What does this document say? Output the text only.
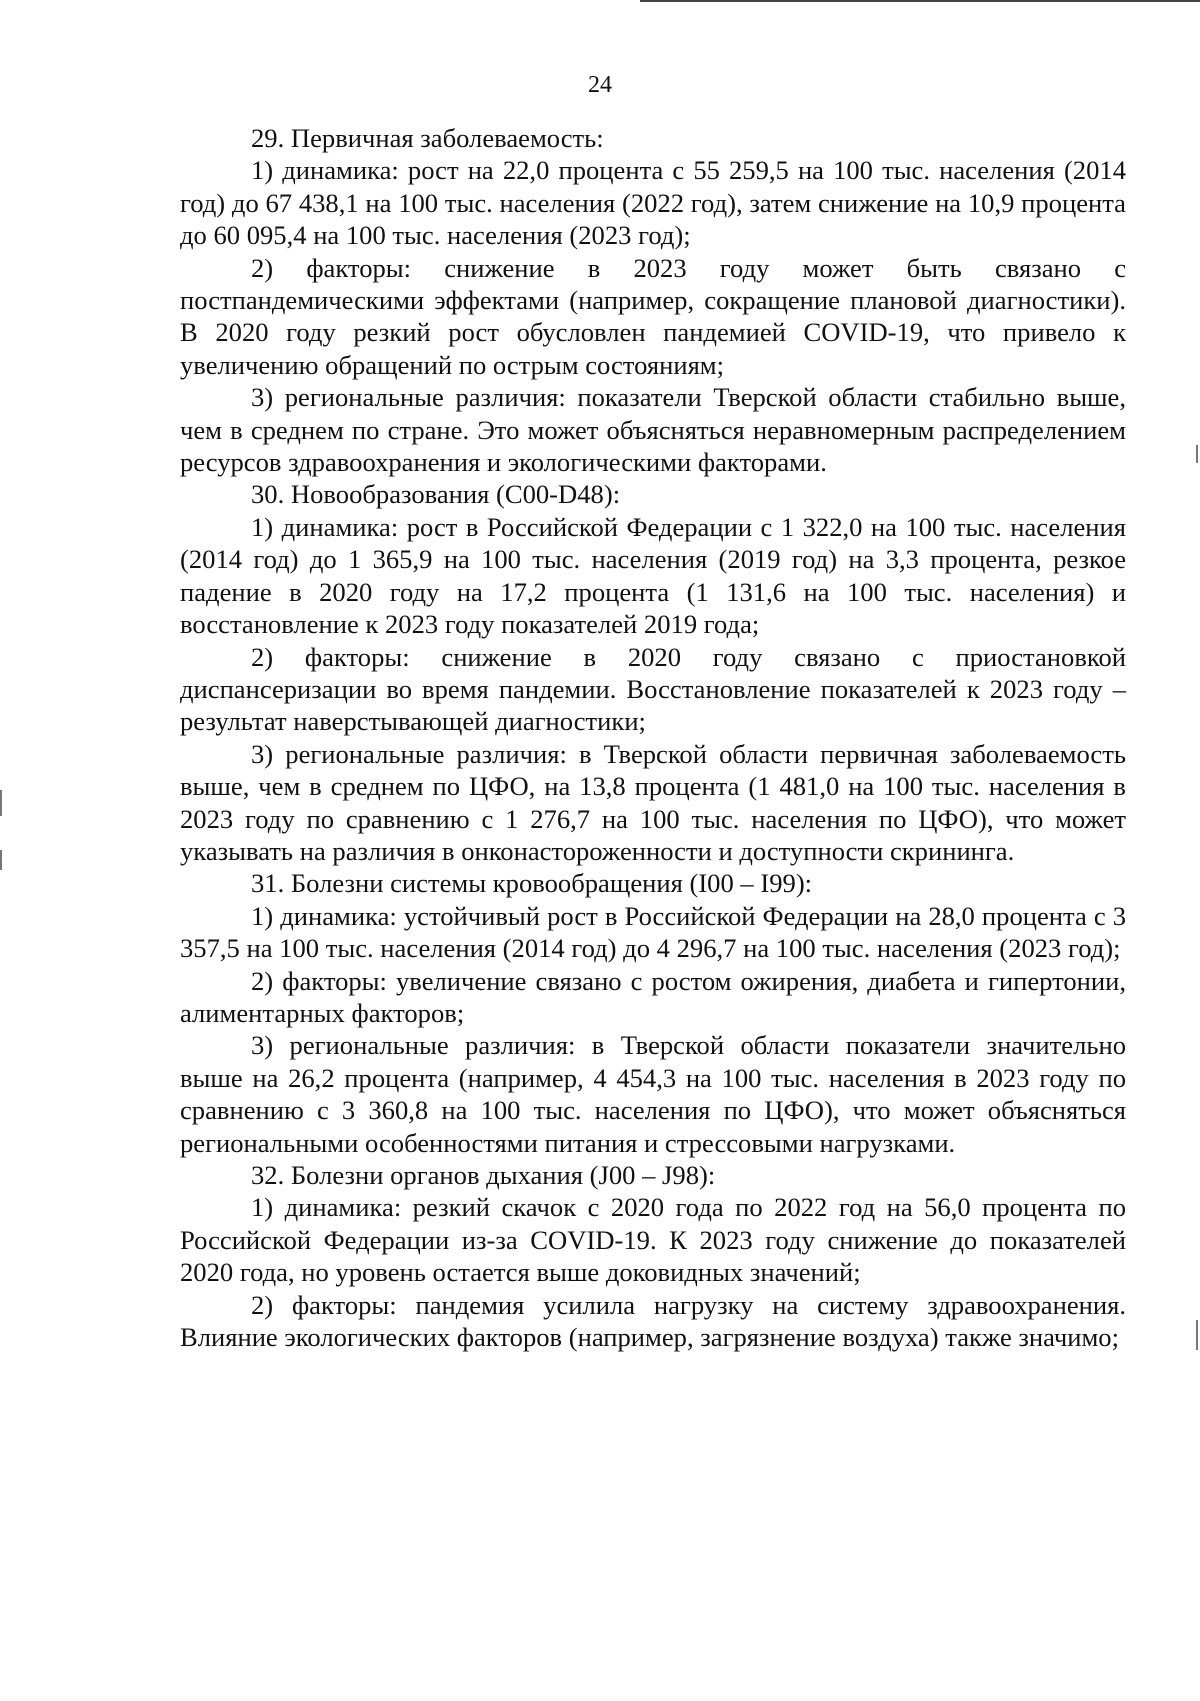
24

29. Первичная заболеваемость:

1) динамика: рост на 22,0 процента с 55 259,5 на 100 тыс. населения (2014 год) до 67 438,1 на 100 тыс. населения (2022 год), затем снижение на 10,9 процента до 60 095,4 на 100 тыс. населения (2023 год);

2) факторы: снижение в 2023 году может быть связано с постпандемическими эффектами (например, сокращение плановой диагностики). В 2020 году резкий рост обусловлен пандемией COVID-19, что привело к увеличению обращений по острым состояниям;

3) региональные различия: показатели Тверской области стабильно выше, чем в среднем по стране. Это может объясняться неравномерным распределением ресурсов здравоохранения и экологическими факторами.

30. Новообразования (С00-D48):

1) динамика: рост в Российской Федерации с 1 322,0 на 100 тыс. населения (2014 год) до 1 365,9 на 100 тыс. населения (2019 год) на 3,3 процента, резкое падение в 2020 году на 17,2 процента (1 131,6 на 100 тыс. населения) и восстановление к 2023 году показателей 2019 года;

2) факторы: снижение в 2020 году связано с приостановкой диспансеризации во время пандемии. Восстановление показателей к 2023 году – результат наверстывающей диагностики;

3) региональные различия: в Тверской области первичная заболеваемость выше, чем в среднем по ЦФО, на 13,8 процента (1 481,0 на 100 тыс. населения в 2023 году по сравнению с 1 276,7 на 100 тыс. населения по ЦФО), что может указывать на различия в онконастороженности и доступности скрининга.

31. Болезни системы кровообращения (I00 – I99):

1) динамика: устойчивый рост в Российской Федерации на 28,0 процента с 3 357,5 на 100 тыс. населения (2014 год) до 4 296,7 на 100 тыс. населения (2023 год);

2) факторы: увеличение связано с ростом ожирения, диабета и гипертонии, алиментарных факторов;

3) региональные различия: в Тверской области показатели значительно выше на 26,2 процента (например, 4 454,3 на 100 тыс. населения в 2023 году по сравнению с 3 360,8 на 100 тыс. населения по ЦФО), что может объясняться региональными особенностями питания и стрессовыми нагрузками.

32. Болезни органов дыхания (J00 – J98):

1) динамика: резкий скачок с 2020 года по 2022 год на 56,0 процента по Российской Федерации из-за COVID-19. К 2023 году снижение до показателей 2020 года, но уровень остается выше доковидных значений;

2) факторы: пандемия усилила нагрузку на систему здравоохранения. Влияние экологических факторов (например, загрязнение воздуха) также значимо;
